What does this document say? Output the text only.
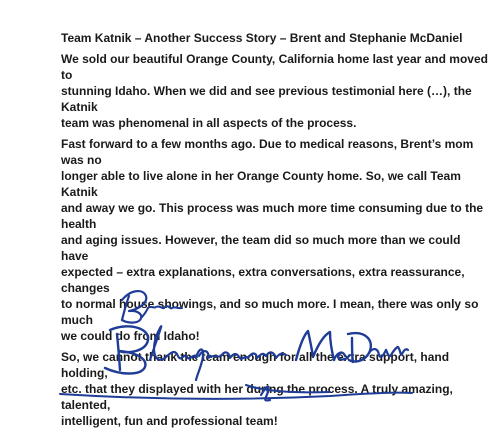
Team Katnik – Another Success Story – Brent and Stephanie McDaniel
We sold our beautiful Orange County, California home last year and moved to
stunning Idaho. When we did and see previous testimonial here (…), the Katnik
team was phenomenal in all aspects of the process.
Fast forward to a few months ago. Due to medical reasons, Brent’s mom was no
longer able to live alone in her Orange County home. So, we call Team Katnik
and away we go. This process was much more time consuming due to the health
and aging issues. However, the team did so much more than we could have
expected – extra explanations, extra conversations, extra reassurance, changes
to normal house showings, and so much more. I mean, there was only so much
we could do from Idaho!
So, we cannot thank the team enough for all the extra support, hand holding,
etc. that they displayed with her during the process. A truly amazing, talented,
intelligent, fun and professional team!
